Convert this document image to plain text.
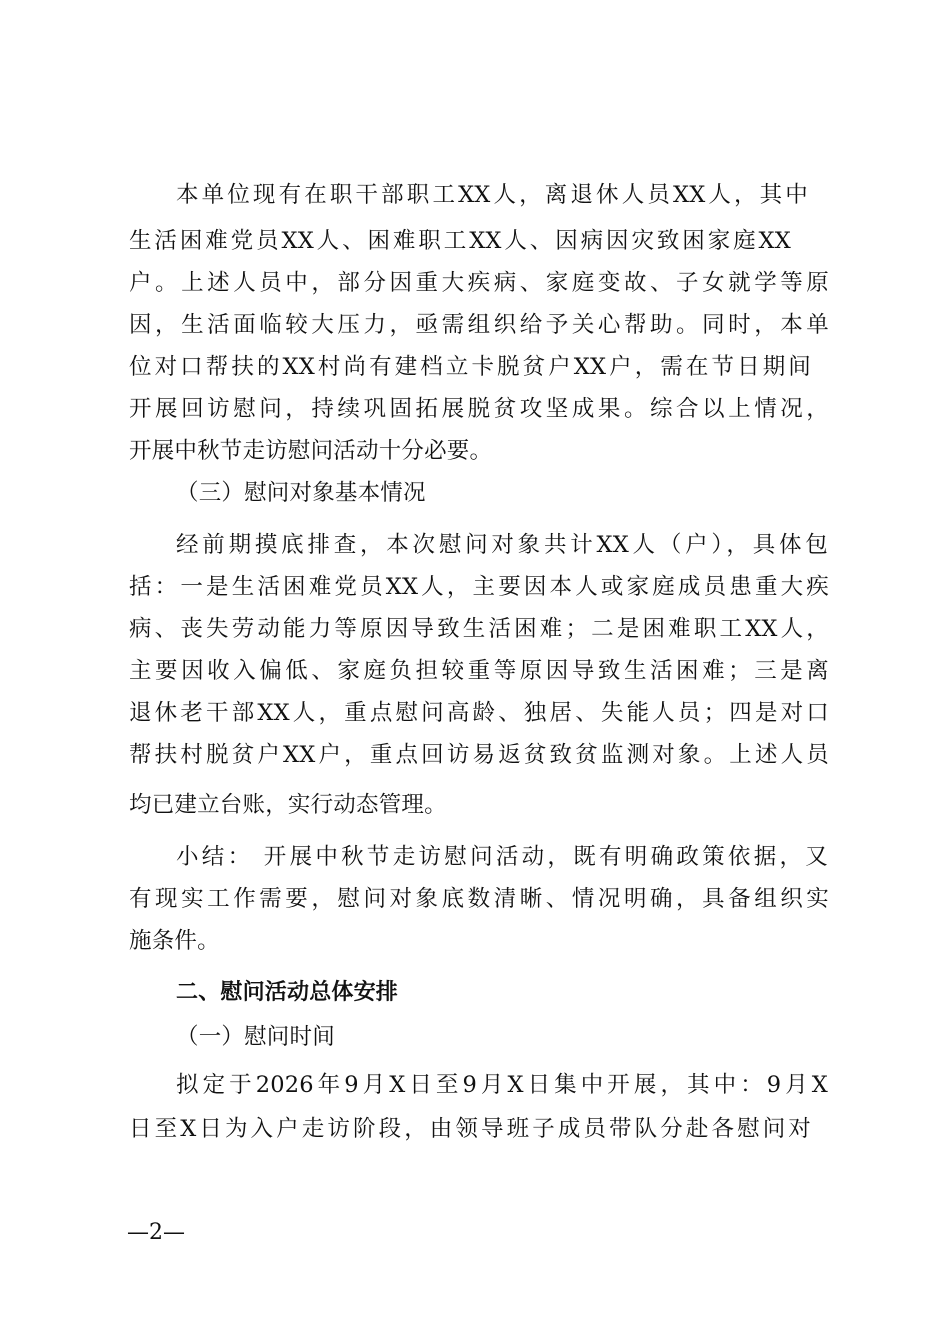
本单位现有在职干部职工XX人，离退休人员XX人，其中
生活困难党员XX人、困难职工XX人、因病因灾致困家庭XX
户。上述人员中，部分因重大疾病、家庭变故、子女就学等原
因，生活面临较大压力，亟需组织给予关心帮助。同时，本单
位对口帮扶的XX村尚有建档立卡脱贫户XX户，需在节日期间
开展回访慰问，持续巩固拓展脱贫攻坚成果。综合以上情况，
开展中秋节走访慰问活动十分必要。
（三）慰问对象基本情况
经前期摸底排查，本次慰问对象共计XX人（户），具体包
括：一是生活困难党员XX人，主要因本人或家庭成员患重大疾
病、丧失劳动能力等原因导致生活困难；二是困难职工XX人，
主要因收入偏低、家庭负担较重等原因导致生活困难；三是离
退休老干部XX人，重点慰问高龄、独居、失能人员；四是对口
帮扶村脱贫户XX户，重点回访易返贫致贫监测对象。上述人员
均已建立台账，实行动态管理。
小结： 开展中秋节走访慰问活动，既有明确政策依据，又
有现实工作需要，慰问对象底数清晰、情况明确，具备组织实
施条件。
二、慰问活动总体安排
（一）慰问时间
拟定于2026年9月X日至9月X日集中开展，其中：9月X
日至X日为入户走访阶段，由领导班子成员带队分赴各慰问对
—2—
